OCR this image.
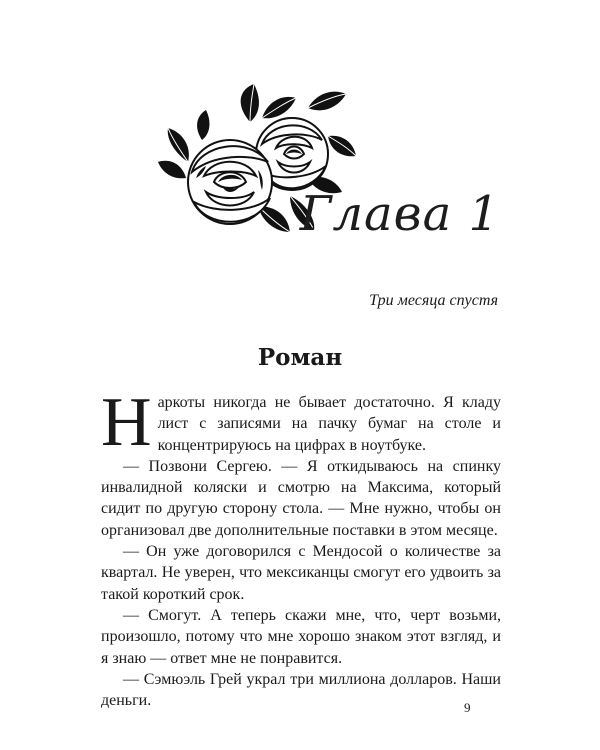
Глава 1
Три месяца спустя
Роман

Наркоты никогда не бывает достаточно. Я кладу лист с записями на пачку бумаг на столе и концентрируюсь на цифрах в ноутбуке.

— Позвони Сергею. — Я откидываюсь на спинку инвалидной коляски и смотрю на Максима, который сидит по другую сторону стола. — Мне нужно, чтобы он организовал две дополнительные поставки в этом месяце.

— Он уже договорился с Мендосой о количестве за квартал. Не уверен, что мексиканцы смогут его удвоить за такой короткий срок.

— Смогут. А теперь скажи мне, что, черт возьми, произошло, потому что мне хорошо знаком этот взгляд, и я знаю — ответ мне не понравится.

— Сэмюэль Грей украл три миллиона долларов. Наши деньги.	9
